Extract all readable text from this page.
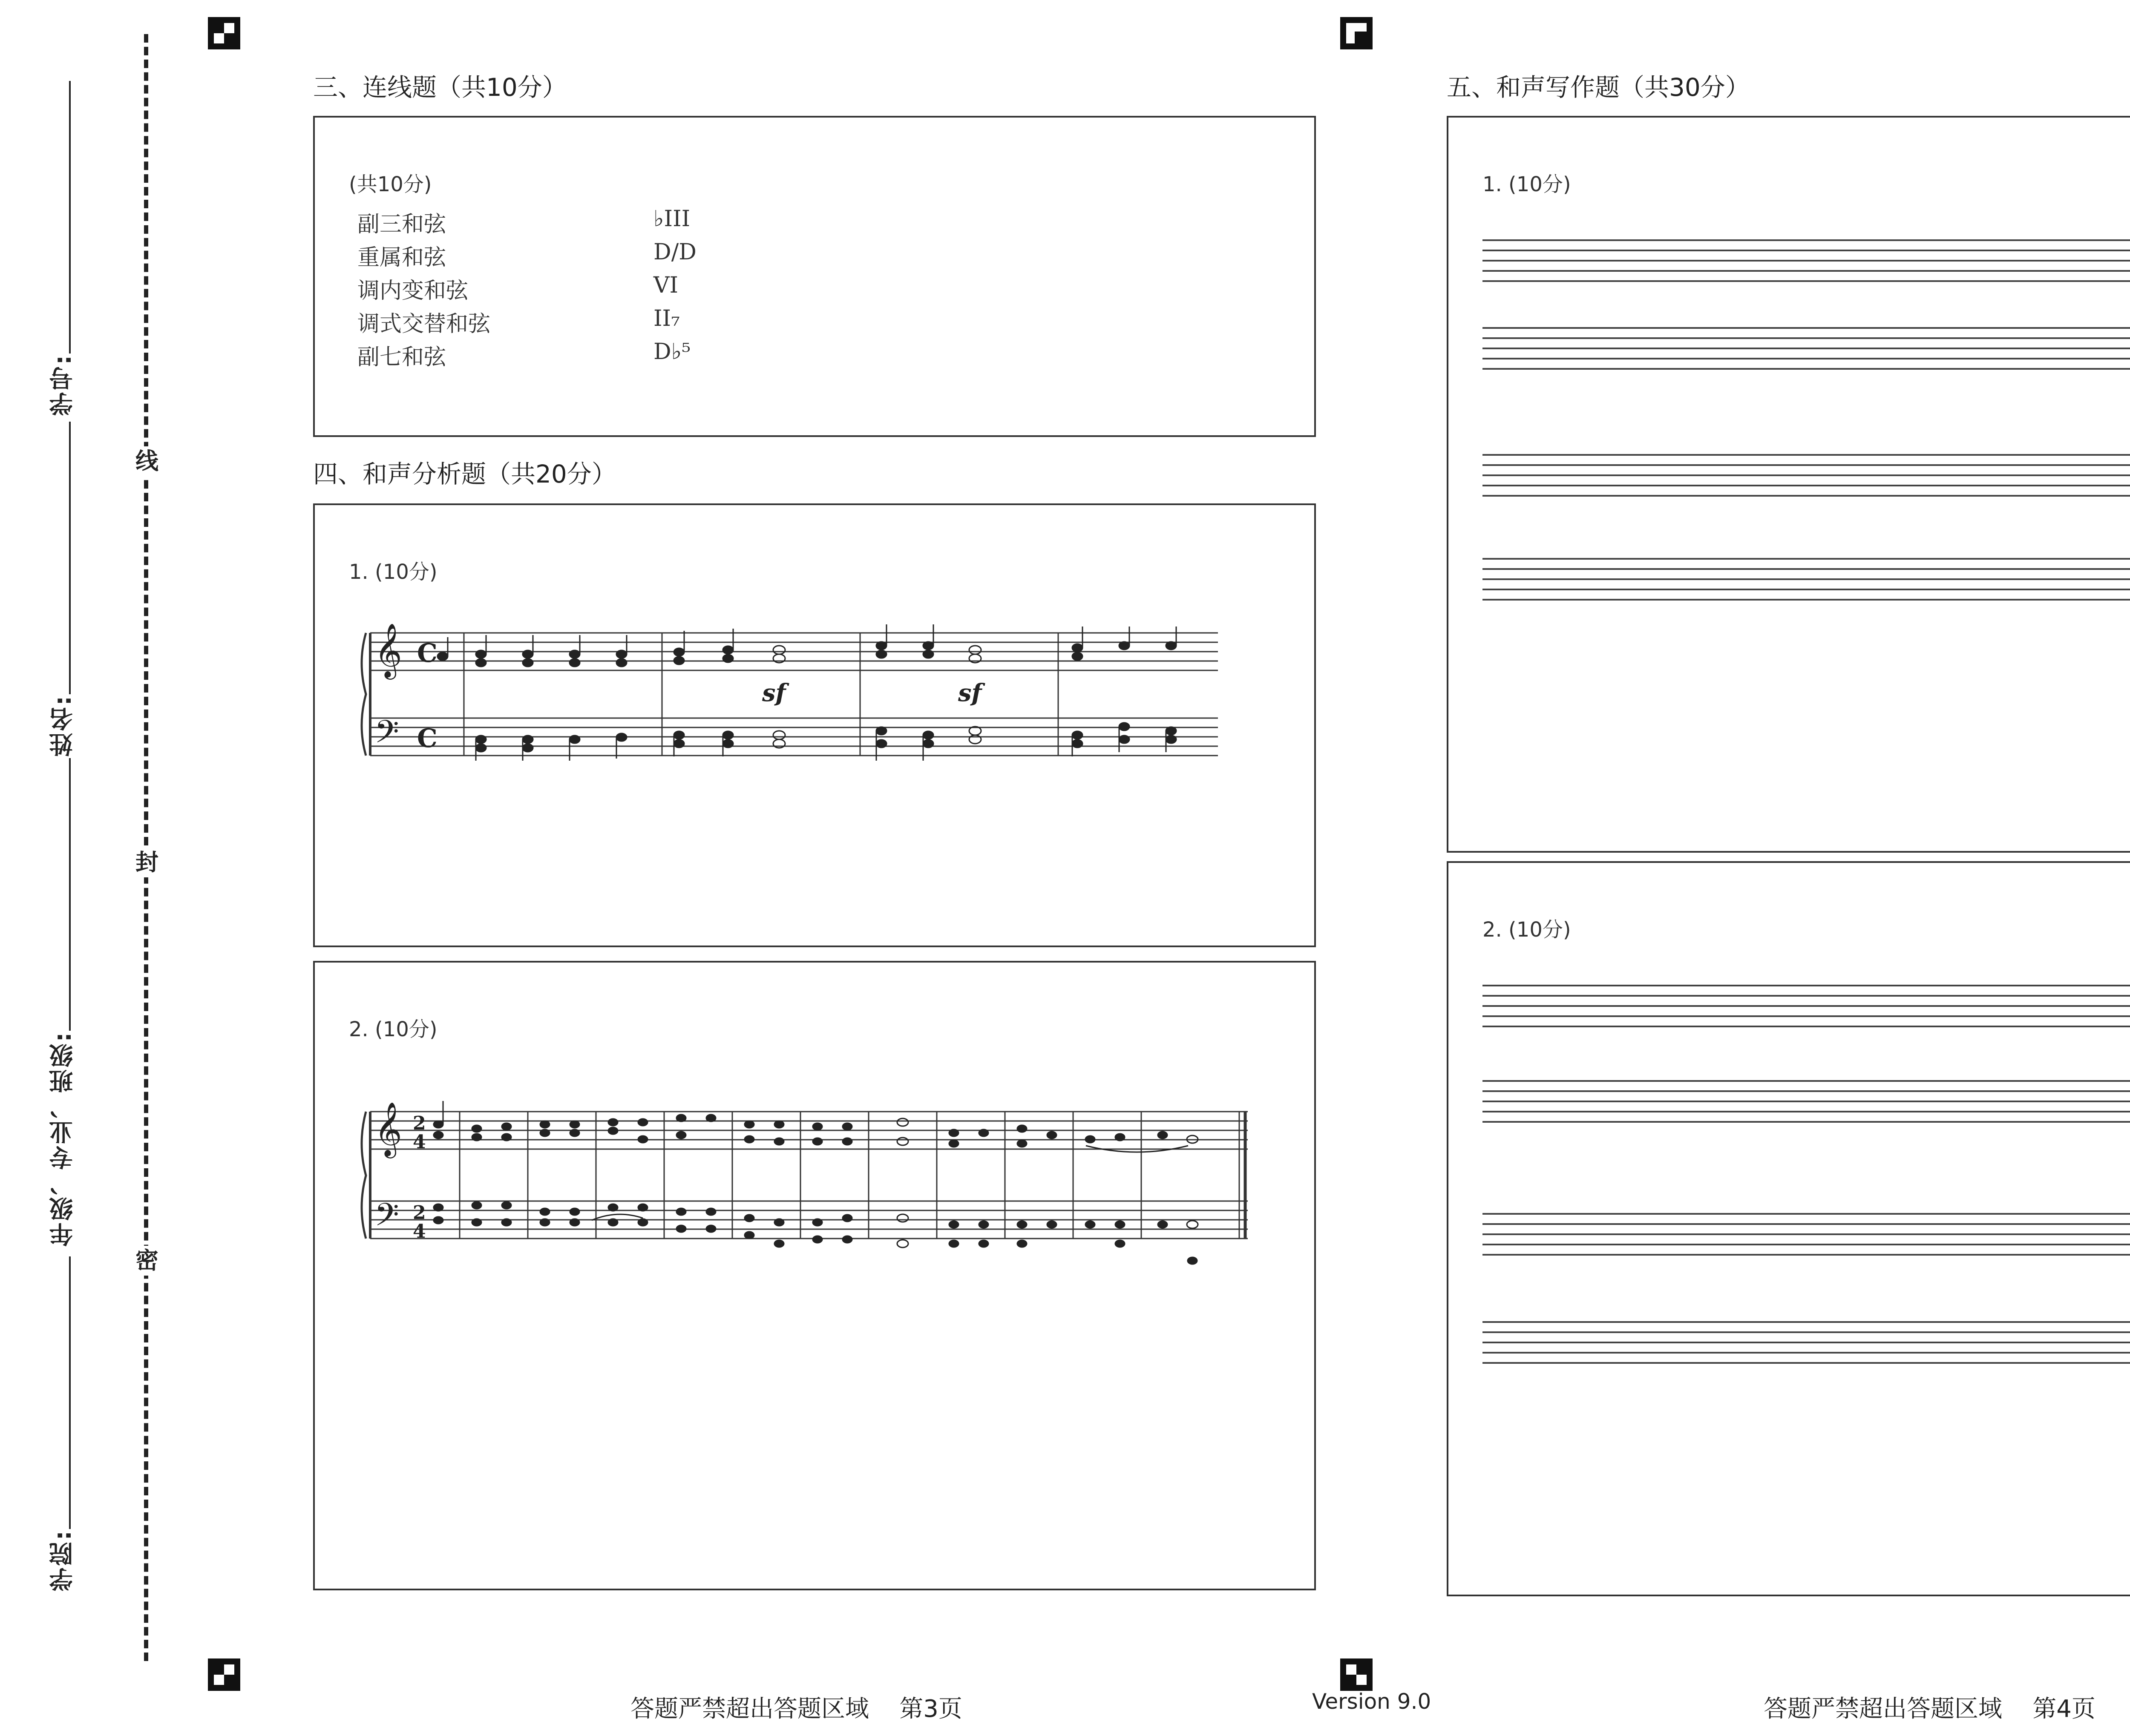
学号:
姓名:
年级、专业、班级:
学院:
线
封
密
三、连线题（共10分）
(共10分)
副三和弦
重属和弦
调内变和弦
调式交替和弦
副七和弦
♭III
D/D
VI
II₇
D♭⁵
四、和声分析题（共20分）
1. (10分)
𝄞
𝄢
C
C
sf	sf
2. (10分)
𝄞
𝄢
2
4
2
4
答题严禁超出答题区域    第3页	Version 9.0
五、和声写作题（共30分）
1. (10分)
2. (10分)
答题严禁超出答题区域    第4页
